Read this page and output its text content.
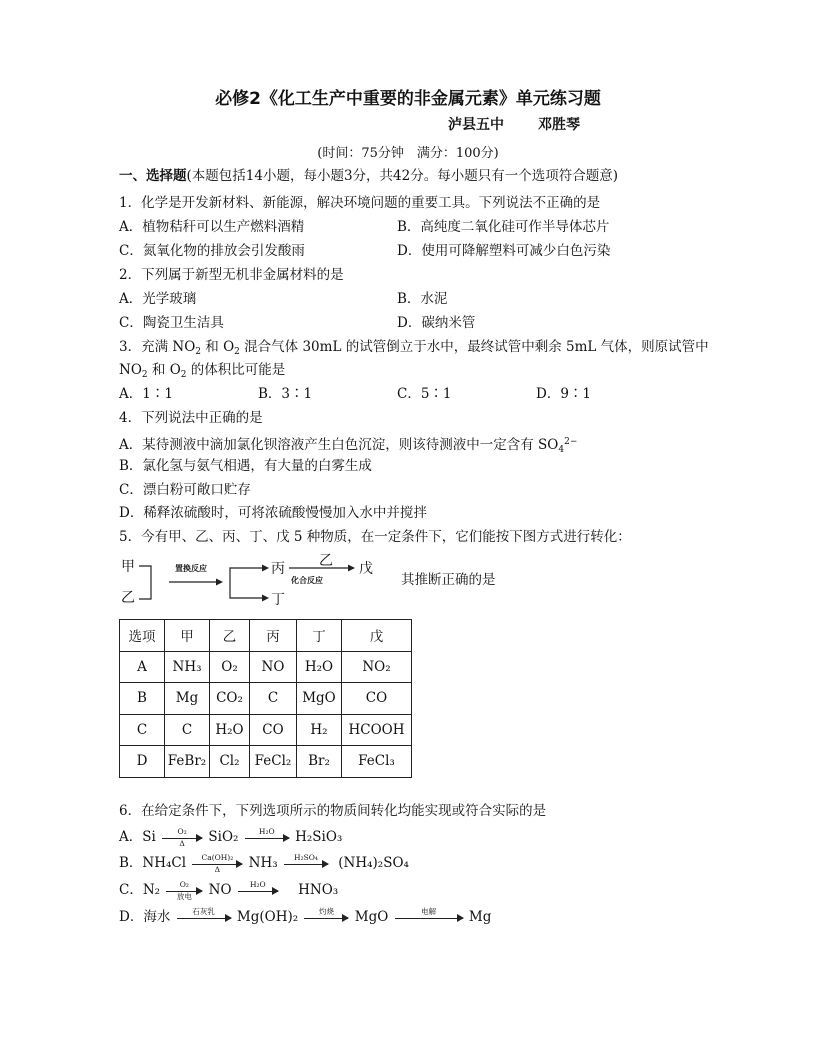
必修2《化工生产中重要的非金属元素》单元练习题
泸县五中 邓胜琴
(时间：75分钟　满分：100分)
一、选择题(本题包括14小题，每小题3分，共42分。每小题只有一个选项符合题意)
1．化学是开发新材料、新能源，解决环境问题的重要工具。下列说法不正确的是
A．植物秸秆可以生产燃料酒精	B．高纯度二氧化硅可作半导体芯片
C．氮氧化物的排放会引发酸雨	D．使用可降解塑料可减少白色污染
2．下列属于新型无机非金属材料的是
A．光学玻璃	B．水泥
C．陶瓷卫生洁具	D．碳纳米管
3．充满 $NO_2$ 和 $O_2$ 混合气体 30mL 的试管倒立于水中，最终试管中剩余 5mL 气体，则原试管中
$NO_2$ 和 $O_2$ 的体积比可能是
A．1∶1	B．3∶1	C．5∶1	D．9∶1
4．下列说法中正确的是
A．某待测液中滴加氯化钡溶液产生白色沉淀，则该待测液中一定含有 $SO_4^{2-}$
B．氯化氢与氨气相遇，有大量的白雾生成
C．漂白粉可敞口贮存
D．稀释浓硫酸时，可将浓硫酸慢慢加入水中并搅拌
5．今有甲、乙、丙、丁、戊 5 种物质，在一定条件下，它们能按下图方式进行转化：
甲
乙
丙
丁
乙 戊
置换反应
化合反应	其推断正确的是
选项	甲	乙	丙	丁	戊
A	NH₃	O₂	NO	H₂O	NO₂
B	Mg	CO₂	C	MgO	CO
C	C	H₂O	CO	H₂	HCOOH
D	FeBr₂	Cl₂	FeCl₂	Br₂	FeCl₃
6．在给定条件下，下列选项所示的物质间转化均能实现或符合实际的是
A．Si $\frac{\text{O₂}}{\Delta} SiO_2$	H₂O	H₂SiO₃
B．$NH_4Cl \frac{\text{Ca(OH)₂}}{\Delta} NH_3$	H₂SO₄	(NH₄)₂SO₄
C．N₂	O₂
放电	NO	H₂O	HNO₃
D．海水	石灰乳	Mg(OH)₂	灼烧	MgO	电解	Mg
